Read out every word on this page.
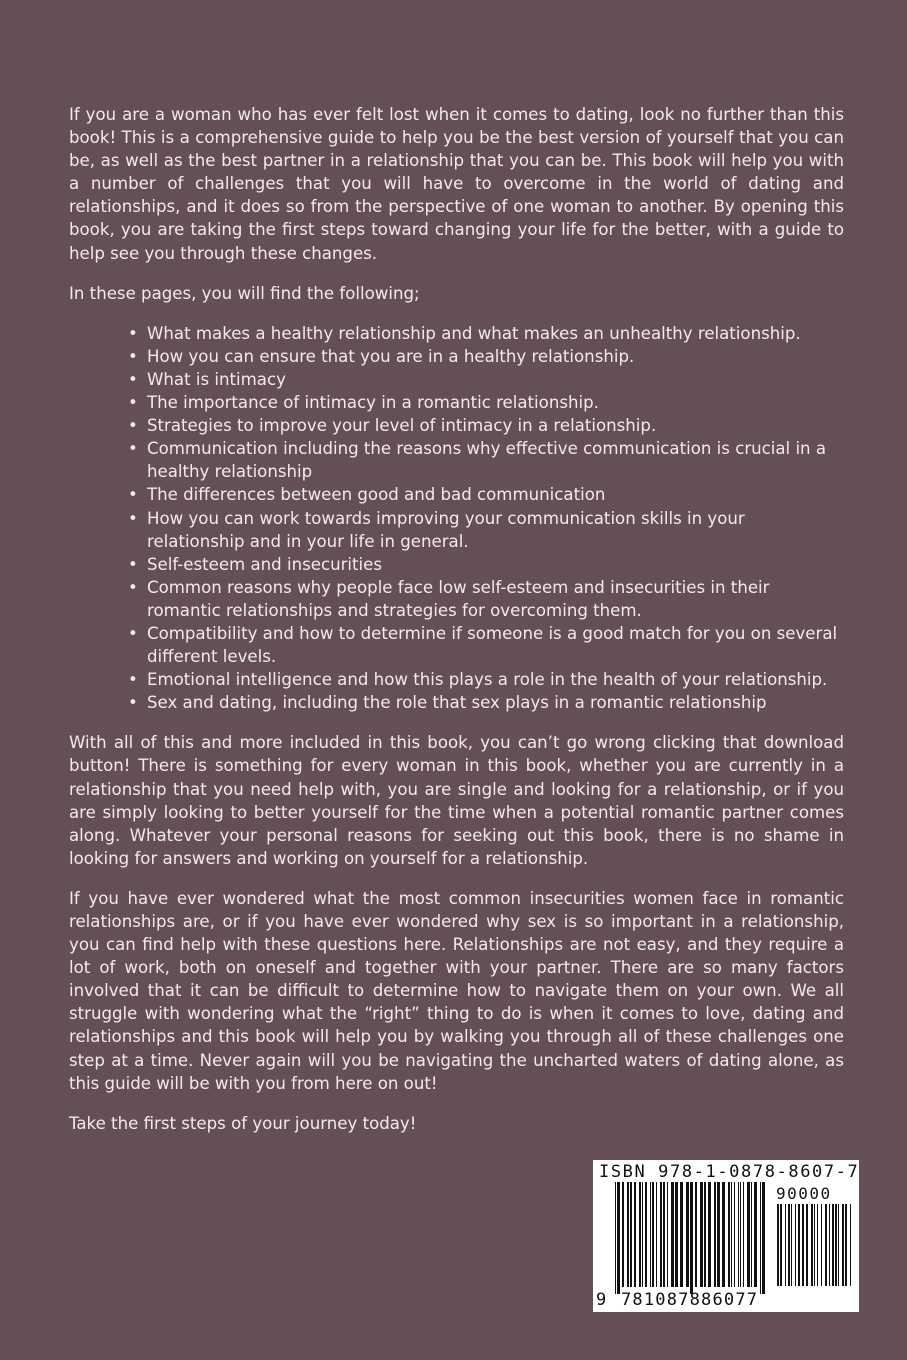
If you are a woman who has ever felt lost when it comes to dating, look no further than this book! This is a comprehensive guide to help you be the best version of yourself that you can be, as well as the best partner in a relationship that you can be. This book will help you with a number of challenges that you will have to overcome in the world of dating and relationships, and it does so from the perspective of one woman to another. By opening this book, you are taking the first steps toward changing your life for the better, with a guide to help see you through these changes.

In these pages, you will find the following;

• What makes a healthy relationship and what makes an unhealthy relationship.
• How you can ensure that you are in a healthy relationship.
• What is intimacy
• The importance of intimacy in a romantic relationship.
• Strategies to improve your level of intimacy in a relationship.
• Communication including the reasons why effective communication is crucial in a healthy relationship
• The differences between good and bad communication
• How you can work towards improving your communication skills in your relationship and in your life in general.
• Self-esteem and insecurities
• Common reasons why people face low self-esteem and insecurities in their romantic relationships and strategies for overcoming them.
• Compatibility and how to determine if someone is a good match for you on several different levels.
• Emotional intelligence and how this plays a role in the health of your relationship.
• Sex and dating, including the role that sex plays in a romantic relationship

With all of this and more included in this book, you can’t go wrong clicking that download button! There is something for every woman in this book, whether you are currently in a relationship that you need help with, you are single and looking for a relationship, or if you are simply looking to better yourself for the time when a potential romantic partner comes along. Whatever your personal reasons for seeking out this book, there is no shame in looking for answers and working on yourself for a relationship.

If you have ever wondered what the most common insecurities women face in romantic relationships are, or if you have ever wondered why sex is so important in a relationship, you can find help with these questions here. Relationships are not easy, and they require a lot of work, both on oneself and together with your partner. There are so many factors involved that it can be difficult to determine how to navigate them on your own. We all struggle with wondering what the “right” thing to do is when it comes to love, dating and relationships and this book will help you by walking you through all of these challenges one step at a time. Never again will you be navigating the uncharted waters of dating alone, as this guide will be with you from here on out!

Take the first steps of your journey today!

ISBN 978-1-0878-8607-7
90000
9 781087886077
